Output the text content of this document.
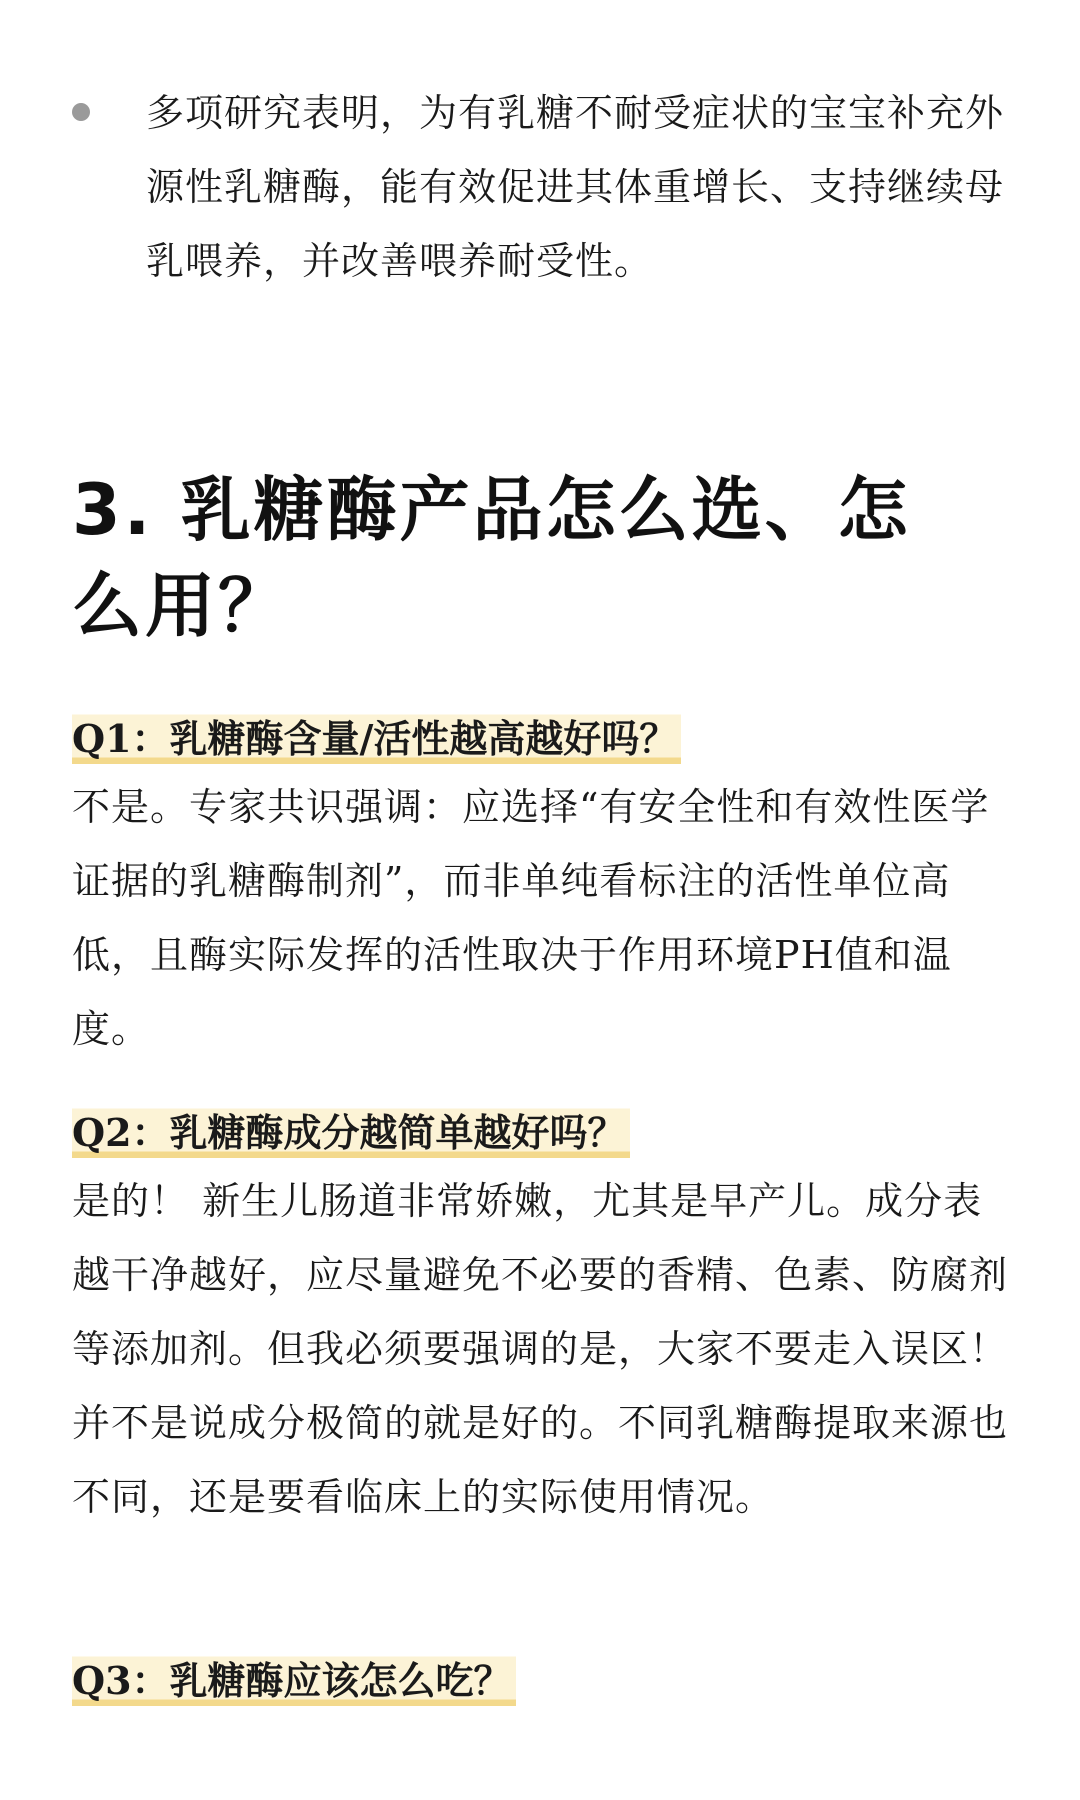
多项研究表明，为有乳糖不耐受症状的宝宝补充外源性乳糖酶，能有效促进其体重增长、支持继续母乳喂养，并改善喂养耐受性。
3. 乳糖酶产品怎么选、怎么用？
Q1：乳糖酶含量/活性越高越好吗？

不是。专家共识强调：应选择“有安全性和有效性医学证据的乳糖酶制剂”，而非单纯看标注的活性单位高低，且酶实际发挥的活性取决于作用环境PH值和温度。

Q2：乳糖酶成分越简单越好吗？

是的！ 新生儿肠道非常娇嫩，尤其是早产儿。成分表越干净越好，应尽量避免不必要的香精、色素、防腐剂等添加剂。但我必须要强调的是，大家不要走入误区！并不是说成分极简的就是好的。不同乳糖酶提取来源也不同，还是要看临床上的实际使用情况。

Q3：乳糖酶应该怎么吃？
